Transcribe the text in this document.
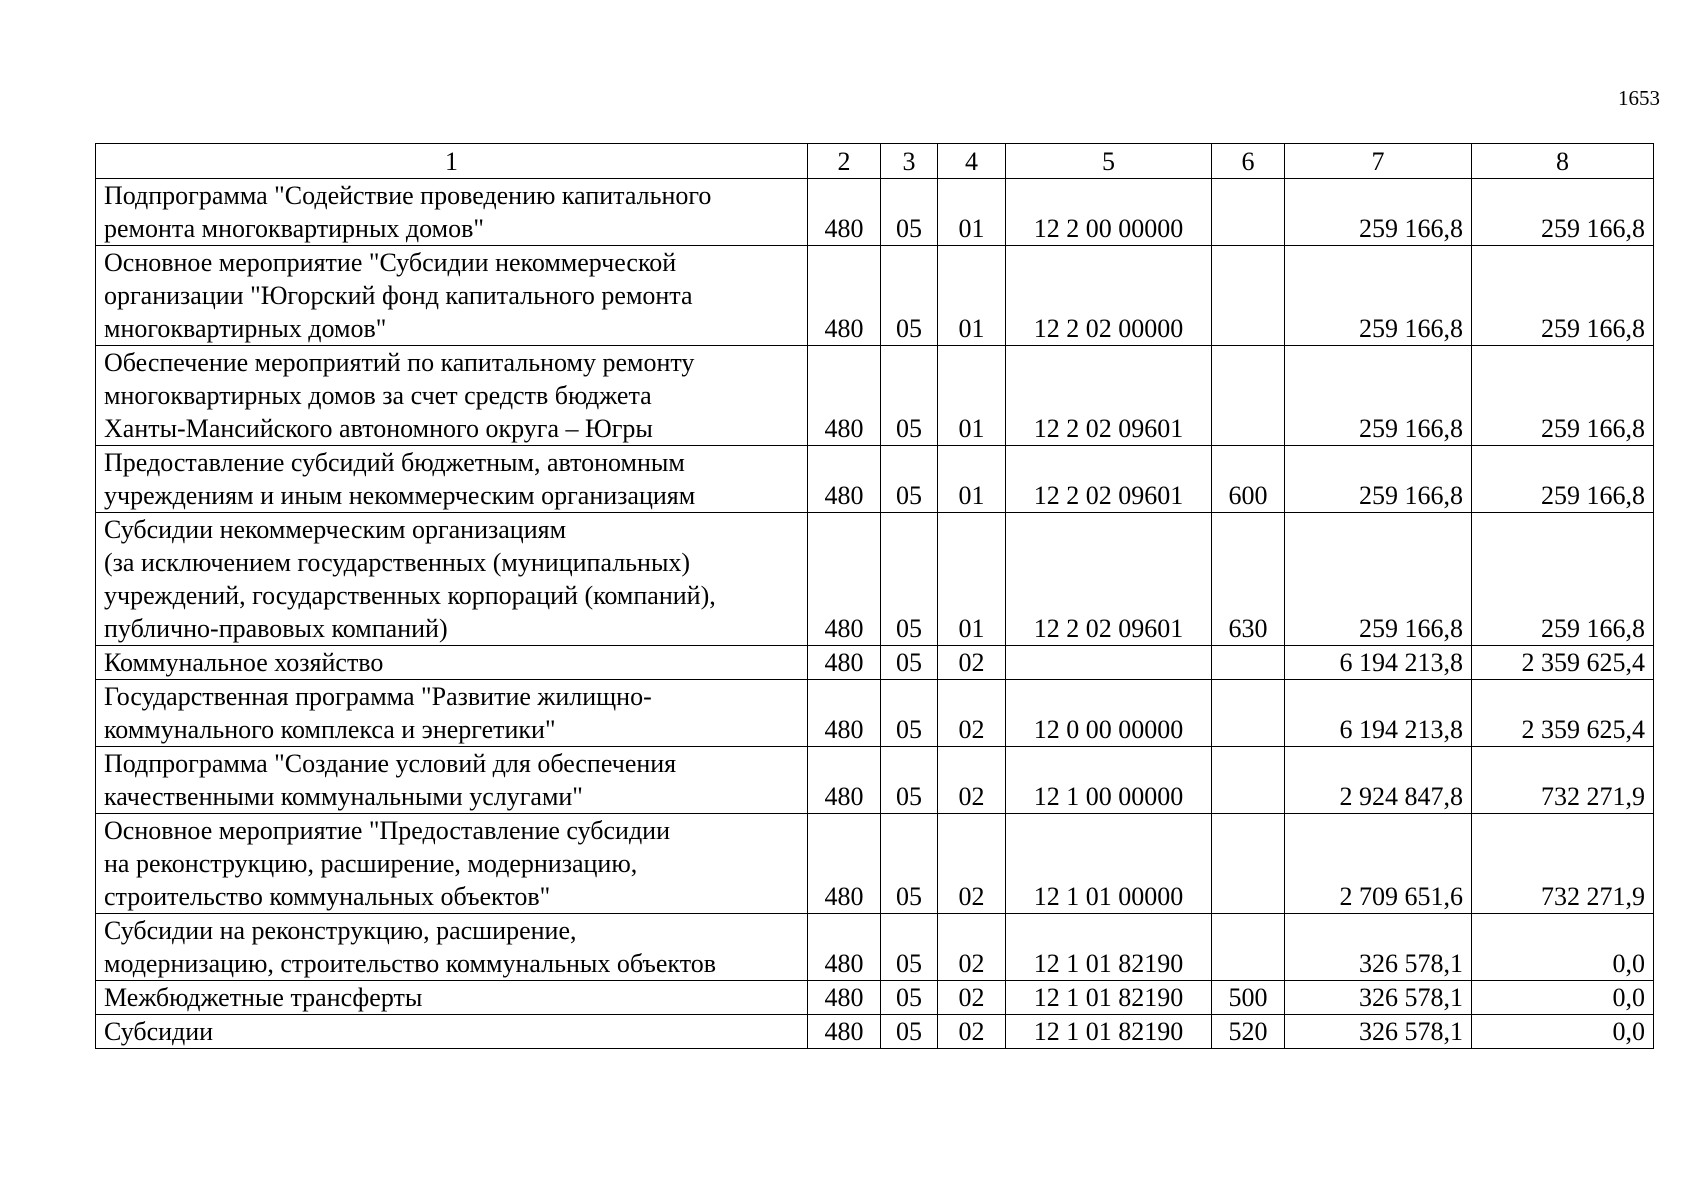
1653
1	2	3	4	5	6	7	8
Подпрограмма "Содействие проведению капитального
ремонта многоквартирных домов"	480	05	01	12 2 00 00000		259 166,8	259 166,8
Основное мероприятие "Субсидии некоммерческой
организации "Югорский фонд капитального ремонта
многоквартирных домов"	480	05	01	12 2 02 00000		259 166,8	259 166,8
Обеспечение мероприятий по капитальному ремонту
многоквартирных домов за счет средств бюджета
Ханты-Мансийского автономного округа – Югры	480	05	01	12 2 02 09601		259 166,8	259 166,8
Предоставление субсидий бюджетным, автономным
учреждениям и иным некоммерческим организациям	480	05	01	12 2 02 09601	600	259 166,8	259 166,8
Субсидии некоммерческим организациям
(за исключением государственных (муниципальных)
учреждений, государственных корпораций (компаний),
публично-правовых компаний)	480	05	01	12 2 02 09601	630	259 166,8	259 166,8
Коммунальное хозяйство	480	05	02			6 194 213,8	2 359 625,4
Государственная программа "Развитие жилищно-
коммунального комплекса и энергетики"	480	05	02	12 0 00 00000		6 194 213,8	2 359 625,4
Подпрограмма "Создание условий для обеспечения
качественными коммунальными услугами"	480	05	02	12 1 00 00000		2 924 847,8	732 271,9
Основное мероприятие "Предоставление субсидии
на реконструкцию, расширение, модернизацию,
строительство коммунальных объектов"	480	05	02	12 1 01 00000		2 709 651,6	732 271,9
Субсидии на реконструкцию, расширение,
модернизацию, строительство коммунальных объектов	480	05	02	12 1 01 82190		326 578,1	0,0
Межбюджетные трансферты	480	05	02	12 1 01 82190	500	326 578,1	0,0
Субсидии	480	05	02	12 1 01 82190	520	326 578,1	0,0
